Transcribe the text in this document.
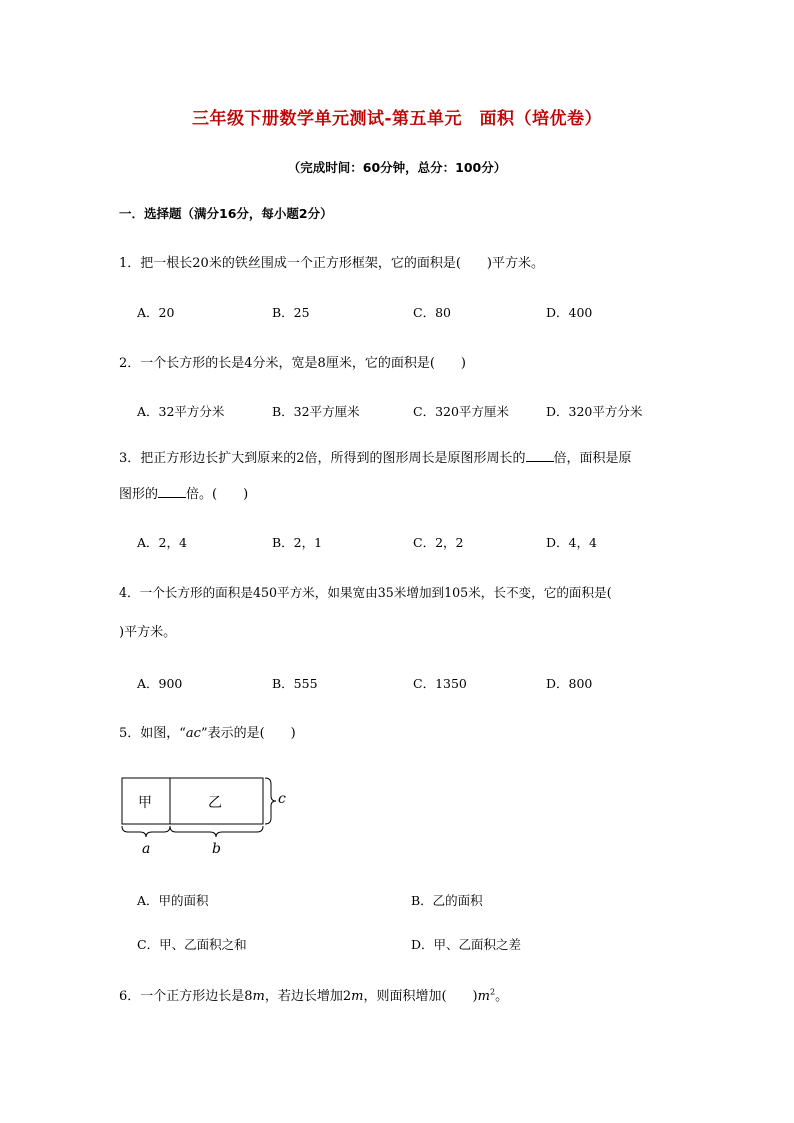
三年级下册数学单元测试-第五单元　面积（培优卷）
（完成时间：60分钟，总分：100分）
一．选择题（满分16分，每小题2分）
1．把一根长20米的铁丝围成一个正方形框架，它的面积是(　　)平方米。
A．20	B．25	C．80	D．400
2．一个长方形的长是4分米，宽是8厘米，它的面积是(　　)
A．32平方分米	B．32平方厘米	C．320平方厘米	D．320平方分米
3．把正方形边长扩大到原来的2倍，所得到的图形周长是原图形周长的 倍，面积是原
图形的 倍。(　　)
A．2，4	B．2，1	C．2，2	D．4，4
4．一个长方形的面积是450平方米，如果宽由35米增加到105米，长不变，它的面积是(
)平方米。
A．900	B．555	C．1350	D．800
5．如图，“ac”表示的是(　　)
甲	乙	c
a	b
A．甲的面积	B．乙的面积
C．甲、乙面积之和	D．甲、乙面积之差
6．一个正方形边长是8m，若边长增加2m，则面积增加(　　)$m^2$。
